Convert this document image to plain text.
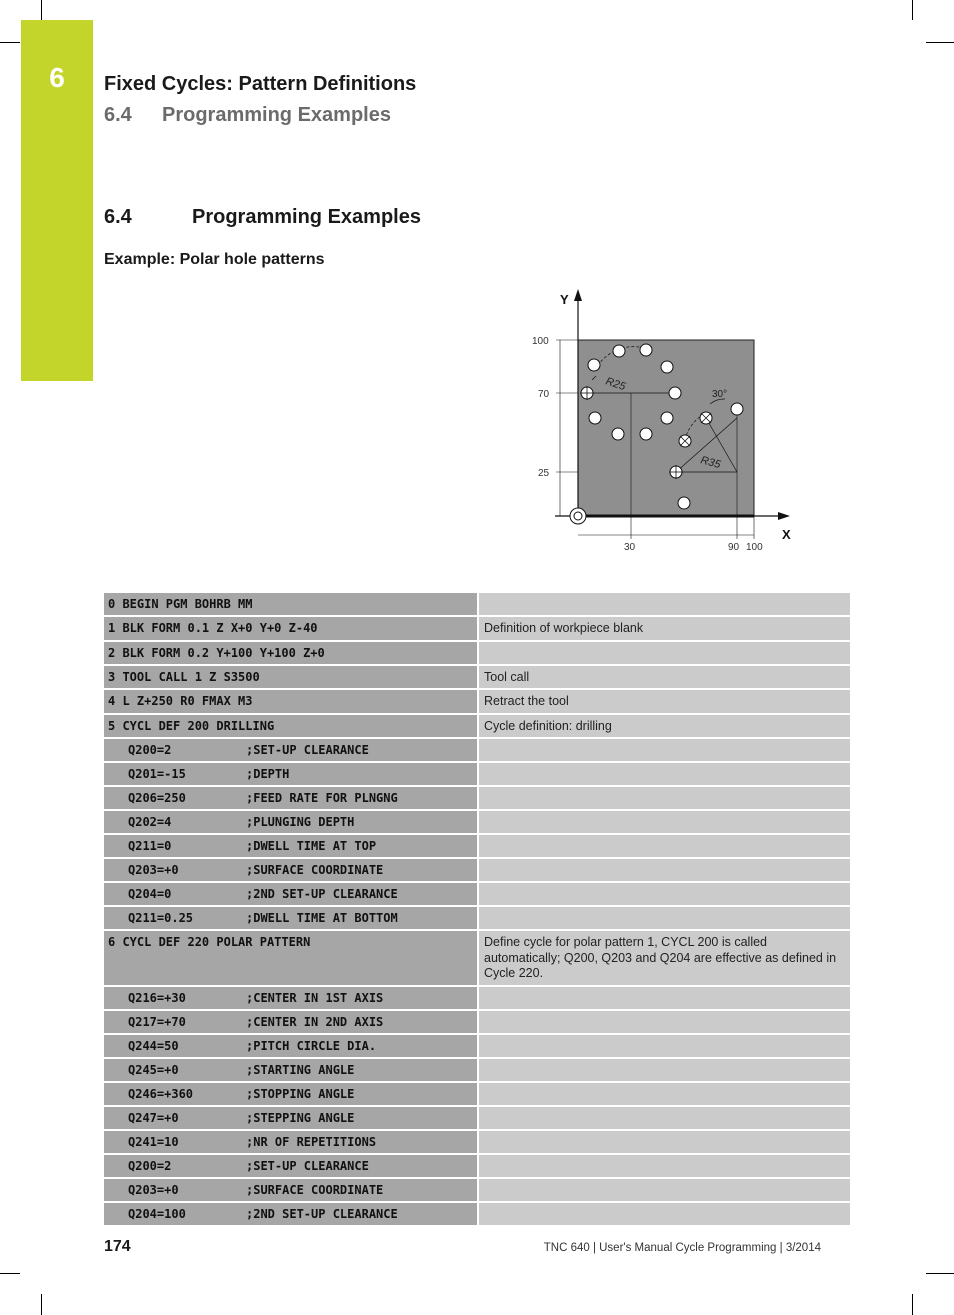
6	Fixed Cycles: Pattern Definitions
6.4 Programming Examples
6.4	Programming Examples
Example: Polar hole patterns
Y
X
100
70
25
30	90 100
R25
30°
R35
0 BEGIN PGM BOHRB MM	
1 BLK FORM 0.1 Z X+0 Y+0 Z-40	Definition of workpiece blank
2 BLK FORM 0.2 Y+100 Y+100 Z+0	
3 TOOL CALL 1 Z S3500	Tool call
4 L Z+250 R0 FMAX M3	Retract the tool
5 CYCL DEF 200 DRILLING	Cycle definition: drilling
Q200=2 ;SET-UP CLEARANCE	
Q201=-15 ;DEPTH	
Q206=250 ;FEED RATE FOR PLNGNG	
Q202=4 ;PLUNGING DEPTH	
Q211=0 ;DWELL TIME AT TOP	
Q203=+0 ;SURFACE COORDINATE	
Q204=0 ;2ND SET-UP CLEARANCE	
Q211=0.25 ;DWELL TIME AT BOTTOM	
6 CYCL DEF 220 POLAR PATTERN	Define cycle for polar pattern 1, CYCL 200 is called automatically; Q200, Q203 and Q204 are effective as defined in Cycle 220.
Q216=+30 ;CENTER IN 1ST AXIS	
Q217=+70 ;CENTER IN 2ND AXIS	
Q244=50 ;PITCH CIRCLE DIA.	
Q245=+0 ;STARTING ANGLE	
Q246=+360 ;STOPPING ANGLE	
Q247=+0 ;STEPPING ANGLE	
Q241=10 ;NR OF REPETITIONS	
Q200=2 ;SET-UP CLEARANCE	
Q203=+0 ;SURFACE COORDINATE	
Q204=100 ;2ND SET-UP CLEARANCE	
174	TNC 640 | User's Manual Cycle Programming | 3/2014
